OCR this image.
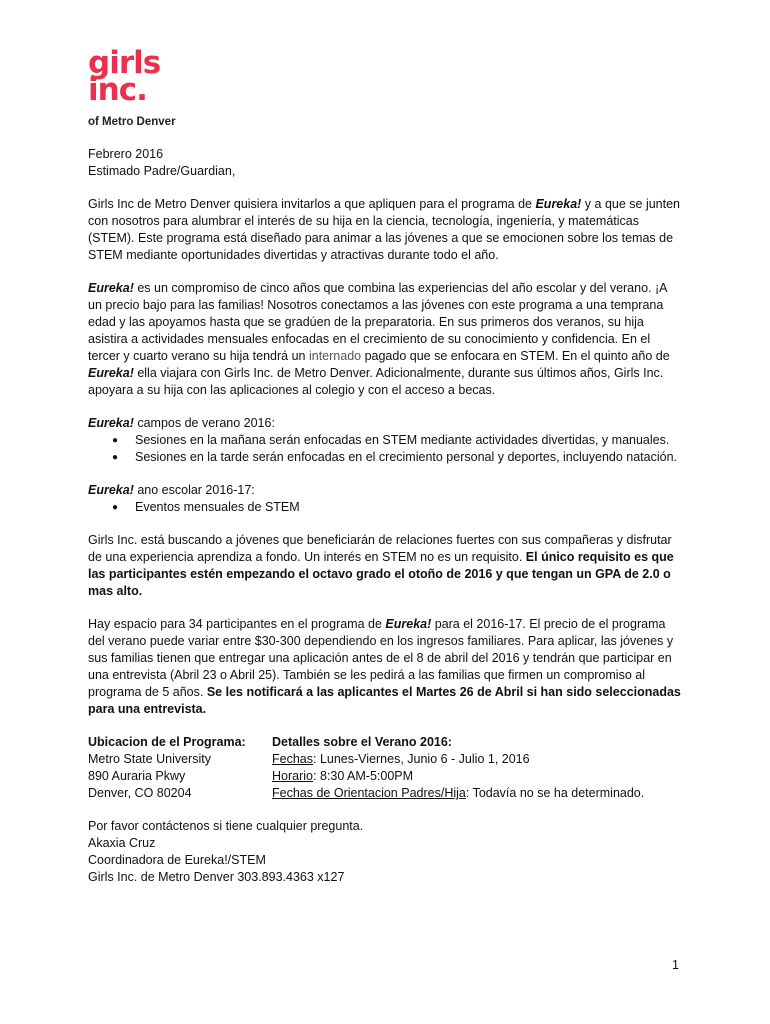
girls
inc.
of Metro Denver

Febrero 2016

Estimado Padre/Guardian,

Girls Inc de Metro Denver quisiera invitarlos a que apliquen para el programa de Eureka! y a que se junten con nosotros para alumbrar el interés de su hija en la ciencia, tecnología, ingeniería, y matemáticas (STEM). Este programa está diseñado para animar a las jóvenes a que se emocionen sobre los temas de STEM mediante oportunidades divertidas y atractivas durante todo el año.

Eureka! es un compromiso de cinco años que combina las experiencias del año escolar y del verano. ¡A un precio bajo para las familias! Nosotros conectamos a las jóvenes con este programa a una temprana edad y las apoyamos hasta que se gradúen de la preparatoria. En sus primeros dos veranos, su hija asistira a actividades mensuales enfocadas en el crecimiento de su conocimiento y confidencia. En el tercer y cuarto verano su hija tendrá un internado pagado que se enfocara en STEM. En el quinto año de Eureka! ella viajara con Girls Inc. de Metro Denver. Adicionalmente, durante sus últimos años, Girls Inc. apoyara a su hija con las aplicaciones al colegio y con el acceso a becas.

Eureka! campos de verano 2016:

● Sesiones en la mañana serán enfocadas en STEM mediante actividades divertidas, y manuales.
● Sesiones en la tarde serán enfocadas en el crecimiento personal y deportes, incluyendo natación.

Eureka! ano escolar 2016-17:

● Eventos mensuales de STEM

Girls Inc. está buscando a jóvenes que beneficiarán de relaciones fuertes con sus compañeras y disfrutar de una experiencia aprendiza a fondo. Un interés en STEM no es un requisito. El único requisito es que las participantes estén empezando el octavo grado el otoño de 2016 y que tengan un GPA de 2.0 o mas alto.

Hay espacio para 34 participantes en el programa de Eureka! para el 2016-17. El precio de el programa del verano puede variar entre $30-300 dependiendo en los ingresos familiares. Para aplicar, las jóvenes y sus familias tienen que entregar una aplicación antes de el 8 de abril del 2016 y tendrán que participar en una entrevista (Abril 23 o Abril 25). También se les pedirá a las familias que firmen un compromiso al programa de 5 años. Se les notificará a las aplicantes el Martes 26 de Abril si han sido seleccionadas para una entrevista.

Ubicacion de el Programa:

Metro State University

890 Auraria Pkwy

Denver, CO 80204

Detalles sobre el Verano 2016:

Fechas: Lunes-Viernes, Junio 6 - Julio 1, 2016

Horario: 8:30 AM-5:00PM

Fechas de Orientacion Padres/Hija: Todavía no se ha determinado.

Por favor contáctenos si tiene cualquier pregunta.

Akaxia Cruz

Coordinadora de Eureka!/STEM

Girls Inc. de Metro Denver 303.893.4363 x127

1
